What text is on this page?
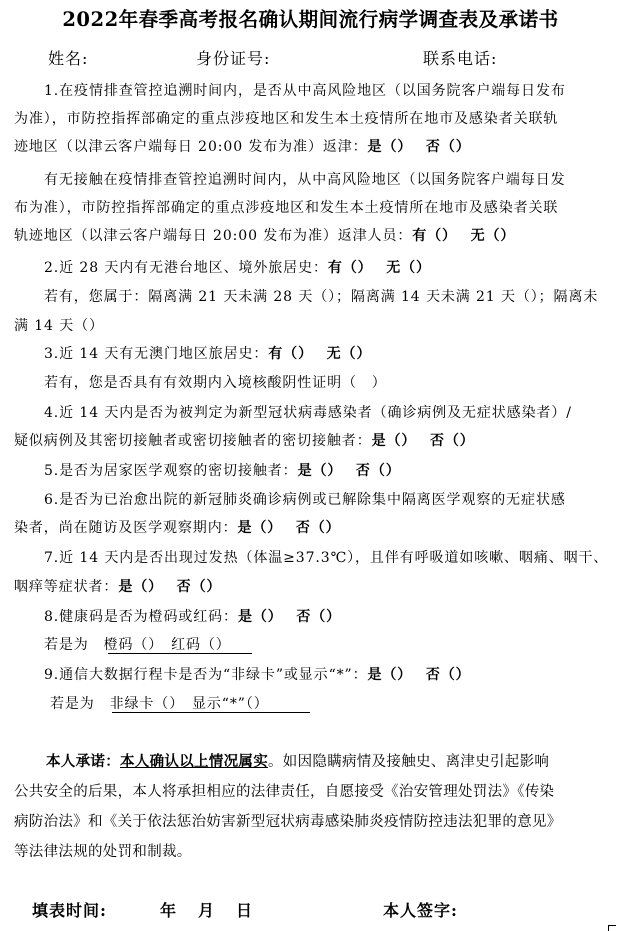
2022年春季高考报名确认期间流行病学调查表及承诺书
姓名:	身份证号:	联系电话:
1.在疫情排查管控追溯时间内，是否从中高风险地区（以国务院客户端每日发布
为准），市防控指挥部确定的重点涉疫地区和发生本土疫情所在地市及感染者关联轨
迹地区（以津云客户端每日 20:00 发布为准）返津：是（）　 否（）
有无接触在疫情排查管控追溯时间内，从中高风险地区（以国务院客户端每日发
布为准），市防控指挥部确定的重点涉疫地区和发生本土疫情所在地市及感染者关联
轨迹地区（以津云客户端每日 20:00 发布为准）返津人员：有（）　 无（）
2.近 28 天内有无港台地区、境外旅居史：有（）　 无（）
若有，您属于：隔离满 21 天未满 28 天（）；隔离满 14 天未满 21 天（）；隔离未
满 14 天（）
3.近 14 天有无澳门地区旅居史：有（）　 无（）
若有，您是否具有有效期内入境核酸阴性证明（　）
4.近 14 天内是否为被判定为新型冠状病毒感染者（确诊病例及无症状感染者）/
疑似病例及其密切接触者或密切接触者的密切接触者：是（）　 否（）
5.是否为居家医学观察的密切接触者：是（）　 否（）
6.是否为已治愈出院的新冠肺炎确诊病例或已解除集中隔离医学观察的无症状感
染者，尚在随访及医学观察期内：是（）　 否（）
7.近 14 天内是否出现过发热（体温≥37.3℃），且伴有呼吸道如咳嗽、咽痛、咽干、
咽痒等症状者：是（）　 否（）
8.健康码是否为橙码或红码：是（）　 否（）
若是为　橙码（）　红码（）
9.通信大数据行程卡是否为“非绿卡”或显示“*”：是（）　 否（）
若是为　非绿卡（）　显示“*”（）
本人承诺：本人确认以上情况属实。如因隐瞒病情及接触史、离津史引起影响
公共安全的后果，本人将承担相应的法律责任，自愿接受《治安管理处罚法》《传染
病防治法》和《关于依法惩治妨害新型冠状病毒感染肺炎疫情防控违法犯罪的意见》
等法律法规的处罚和制裁。
填表时间:	年　月　日	本人签字:
